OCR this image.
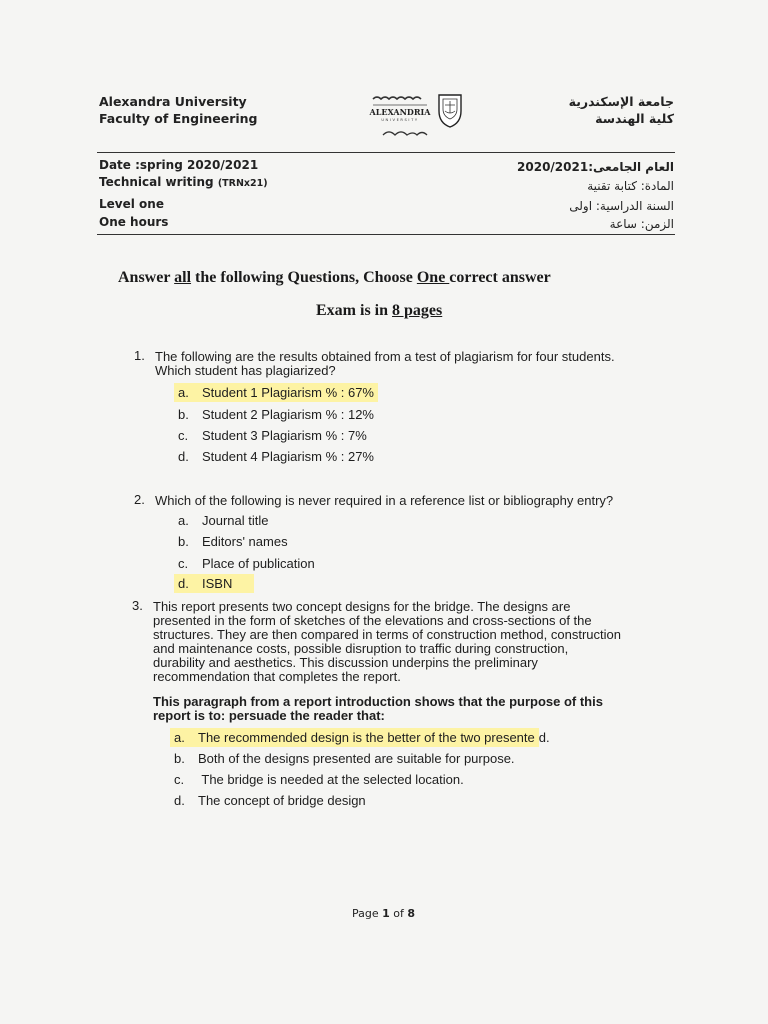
Alexandra University
Faculty of Engineering	ALEXANDRIA
UNIVERSITY
جامعة الإسكندرية
كلية الهندسة
Date :spring 2020/2021
Technical writing (TRNx21)
Level one
One hours
العام الجامعى:2020/2021
المادة: كتابة تقنية
السنة الدراسية: اولى
الزمن: ساعة
Answer all the following Questions, Choose One correct answer
Exam is in 8 pages
1. The following are the results obtained from a test of plagiarism for four students.
Which student has plagiarized?
a. Student 1 Plagiarism % : 67%
b. Student 2 Plagiarism % : 12%
c. Student 3 Plagiarism % : 7%
d. Student 4 Plagiarism % : 27%
2. Which of the following is never required in a reference list or bibliography entry?
a. Journal title
b. Editors' names
c. Place of publication
d. ISBN
3. This report presents two concept designs for the bridge. The designs are
presented in the form of sketches of the elevations and cross-sections of the
structures. They are then compared in terms of construction method, construction
and maintenance costs, possible disruption to traffic during construction,
durability and aesthetics. This discussion underpins the preliminary
recommendation that completes the report.
This paragraph from a report introduction shows that the purpose of this
report is to: persuade the reader that:
a. The recommended design is the better of the two presente d.
b. Both of the designs presented are suitable for purpose.
c. The bridge is needed at the selected location.
d. The concept of bridge design
Page 1 of 8
